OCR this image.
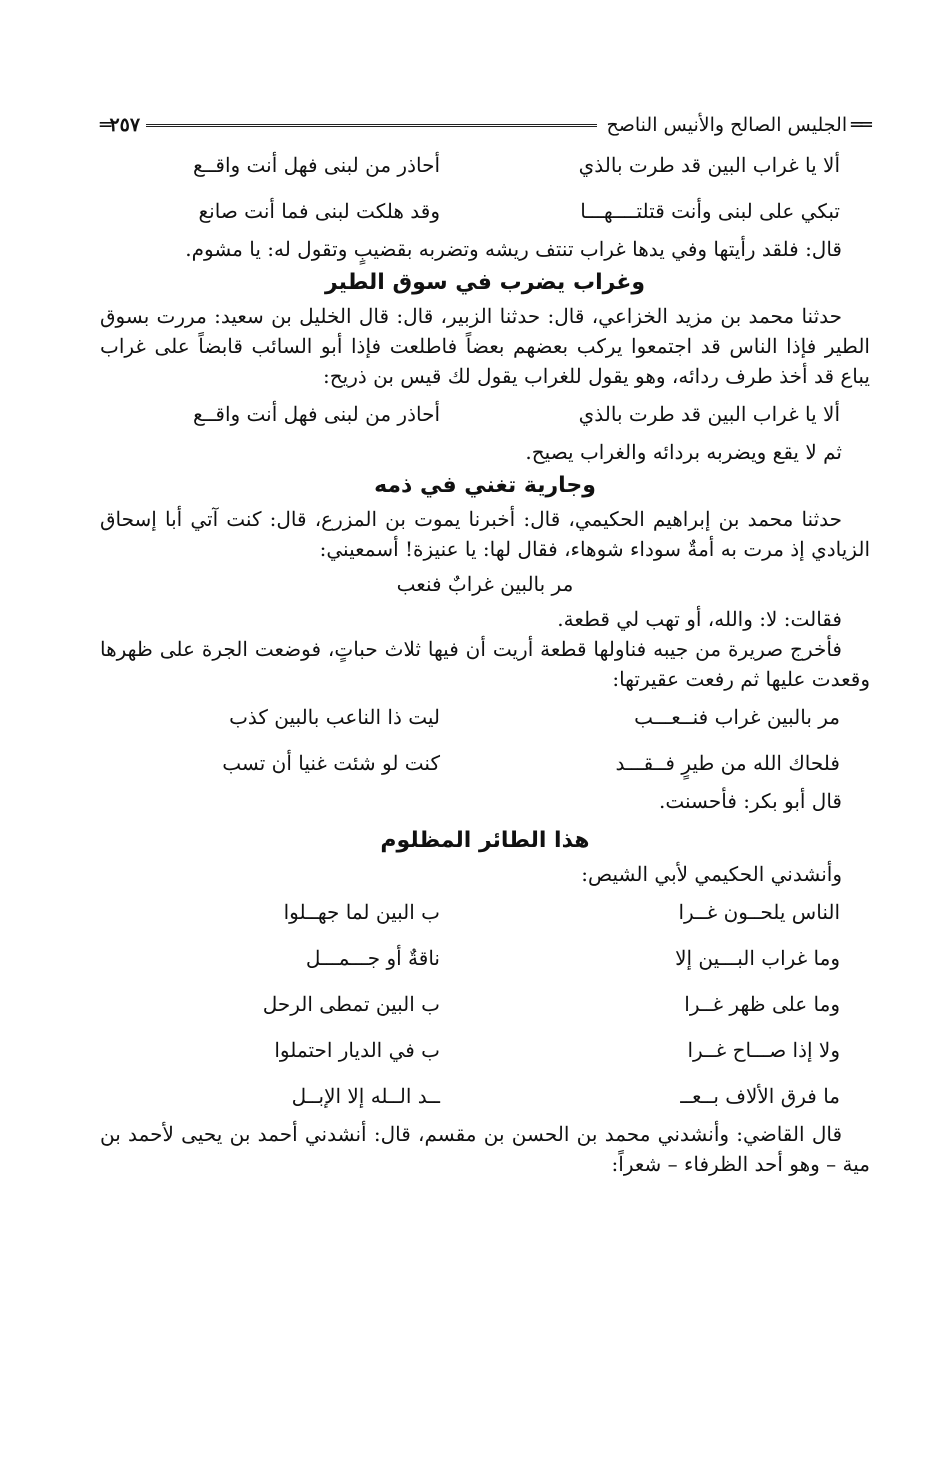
══
الجليس الصالح والأنيس الناصح
٢٥٧
═
ألا يا غراب البين قد طرت بالذي
أحاذر من لبنى فهل أنت واقــع
تبكي على لبنى وأنت قتلتــــهـــا
وقد هلكت لبنى فما أنت صانع

قال: فلقد رأيتها وفي يدها غراب تنتف ريشه وتضربه بقضيبٍ وتقول له: يا مشوم.

وغراب يضرب في سوق الطير

حدثنا محمد بن مزيد الخزاعي، قال: حدثنا الزبير، قال: قال الخليل بن سعيد: مررت بسوق الطير فإذا الناس قد اجتمعوا يركب بعضهم بعضاً فاطلعت فإذا أبو السائب قابضاً على غراب يباع قد أخذ طرف ردائه، وهو يقول للغراب يقول لك قيس بن ذريح:

ألا يا غراب البين قد طرت بالذي
أحاذر من لبنى فهل أنت واقــع

ثم لا يقع ويضربه بردائه والغراب يصيح.

وجارية تغني في ذمه

حدثنا محمد بن إبراهيم الحكيمي، قال: أخبرنا يموت بن المزرع، قال: كنت آتي أبا إسحاق الزيادي إذ مرت به أمةٌ سوداء شوهاء، فقال لها: يا عنيزة! أسمعيني:

مر بالبين غرابٌ فنعب

فقالت: لا: والله، أو تهب لي قطعة.

فأخرج صريرة من جيبه فناولها قطعة أريت أن فيها ثلاث حباتٍ، فوضعت الجرة على ظهرها وقعدت عليها ثم رفعت عقيرتها:

مر بالبين غراب فنــعـــب
ليت ذا الناعب بالبين كذب
فلحاك الله من طيرٍ فــقـــد
كنت لو شئت غنيا أن تسب

قال أبو بكر: فأحسنت.

هذا الطائر المظلوم

وأنشدني الحكيمي لأبي الشيص:

الناس يلحــون غــرا
ب البين لما جهــلوا
وما غراب البـــين إلا
ناقةٌ أو جـــمـــل
وما على ظهر غــرا
ب البين تمطى الرحل
ولا إذا صـــاح غــرا
ب في الديار احتملوا
ما فرق الألاف بــعــ
ــد الــله إلا الإبــل

قال القاضي: وأنشدني محمد بن الحسن بن مقسم، قال: أنشدني أحمد بن يحيى لأحمد بن مية – وهو أحد الظرفاء – شعراً:
